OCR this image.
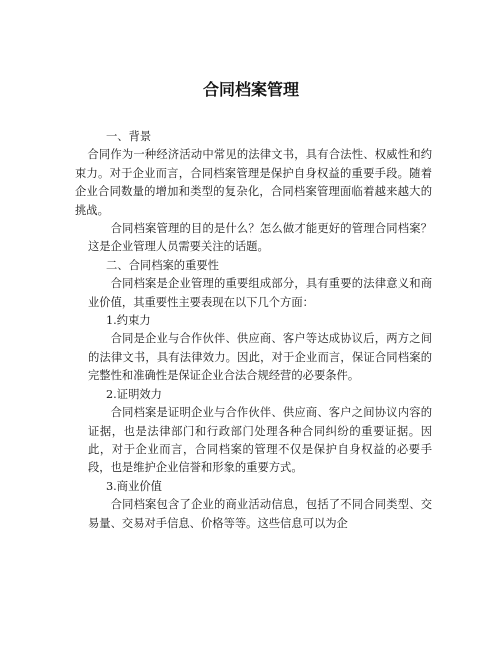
合同档案管理

一、背景

合同作为一种经济活动中常见的法律文书，具有合法性、权威性和约束力。对于企业而言，合同档案管理是保护自身权益的重要手段。随着企业合同数量的增加和类型的复杂化，合同档案管理面临着越来越大的挑战。

合同档案管理的目的是什么？怎么做才能更好的管理合同档案？这是企业管理人员需要关注的话题。

二、合同档案的重要性

合同档案是企业管理的重要组成部分，具有重要的法律意义和商业价值，其重要性主要表现在以下几个方面：

1.约束力

合同是企业与合作伙伴、供应商、客户等达成协议后，两方之间的法律文书，具有法律效力。因此，对于企业而言，保证合同档案的完整性和准确性是保证企业合法合规经营的必要条件。

2.证明效力

合同档案是证明企业与合作伙伴、供应商、客户之间协议内容的证据，也是法律部门和行政部门处理各种合同纠纷的重要证据。因此，对于企业而言，合同档案的管理不仅是保护自身权益的必要手段，也是维护企业信誉和形象的重要方式。

3.商业价值

合同档案包含了企业的商业活动信息，包括了不同合同类型、交易量、交易对手信息、价格等等。这些信息可以为企
